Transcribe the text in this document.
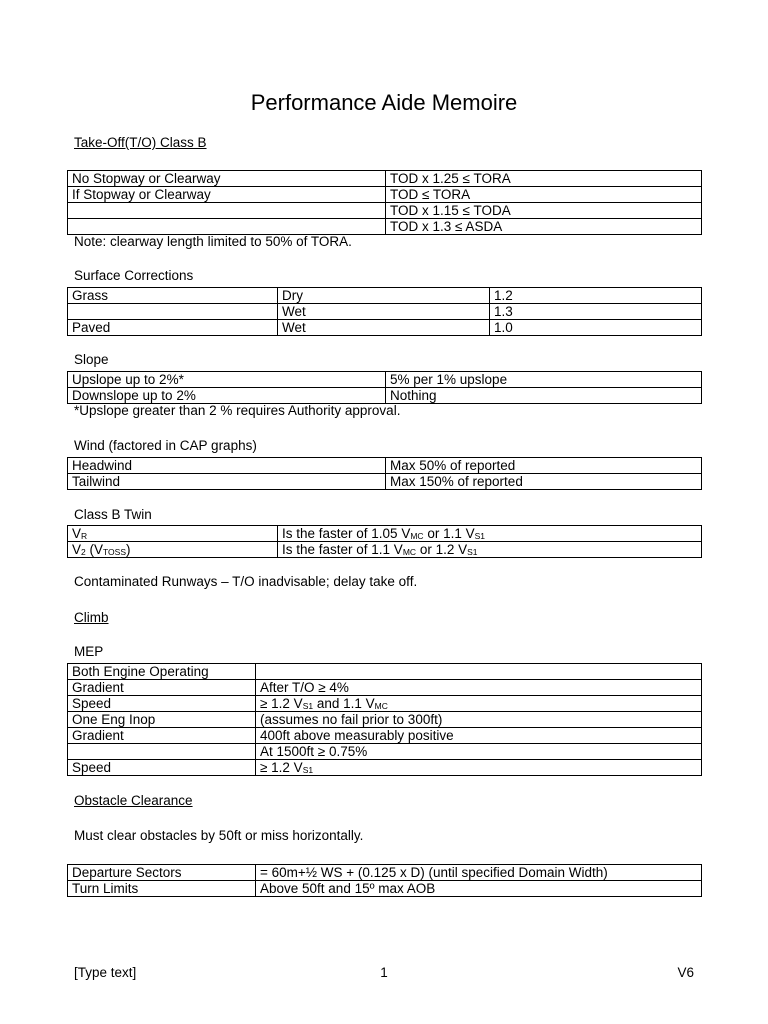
Performance Aide Memoire
Take-Off(T/O) Class B
No Stopway or Clearway	TOD x 1.25 ≤ TORA
If Stopway or Clearway	TOD ≤ TORA
	TOD x 1.15 ≤ TODA
	TOD x 1.3 ≤ ASDA
Note: clearway length limited to 50% of TORA.
Surface Corrections
Grass	Dry	1.2
	Wet	1.3
Paved	Wet	1.0
Slope
Upslope up to 2%*	5% per 1% upslope
Downslope up to 2%	Nothing
*Upslope greater than 2 % requires Authority approval.
Wind (factored in CAP graphs)
Headwind	Max 50% of reported
Tailwind	Max 150% of reported
Class B Twin
$V_R$	Is the faster of 1.05 $V_{MC}$ or 1.1 $V_{S1}$
$V_2$ $(V_{TOSS})$	Is the faster of 1.1 $V_{MC}$ or 1.2 $V_{S1}$
Contaminated Runways – T/O inadvisable; delay take off.
Climb
MEP
Both Engine Operating	
Gradient	After T/O ≥ 4%
Speed	≥ 1.2 $V_{S1}$ and 1.1 $V_{MC}$
One Eng Inop	(assumes no fail prior to 300ft)
Gradient	400ft above measurably positive
	At 1500ft ≥ 0.75%
Speed	≥ 1.2 $V_{S1}$
Obstacle Clearance
Must clear obstacles by 50ft or miss horizontally.
Departure Sectors	= 60m+½ WS + (0.125 x D) (until specified Domain Width)
Turn Limits	Above 50ft and 15º max AOB
[Type text]	1	V6
